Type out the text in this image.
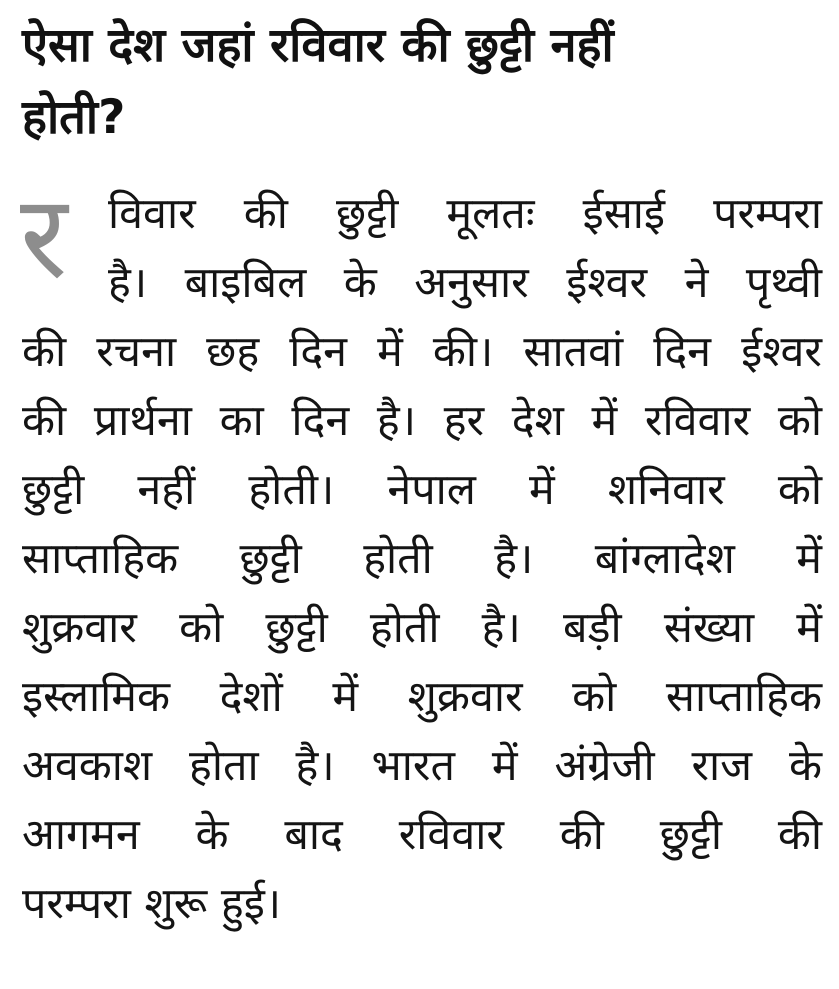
ऐसा देश जहां रविवार की छुट्टी नहीं
होती?
र विवार की छुट्टी मूलतः ईसाई परम्परा
है। बाइबिल के अनुसार ईश्वर ने पृथ्वी
की रचना छह दिन में की। सातवां दिन ईश्वर
की प्रार्थना का दिन है। हर देश में रविवार को
छुट्टी नहीं होती। नेपाल में शनिवार को
साप्ताहिक छुट्टी होती है। बांग्लादेश में
शुक्रवार को छुट्टी होती है। बड़ी संख्या में
इस्लामिक देशों में शुक्रवार को साप्ताहिक
अवकाश होता है। भारत में अंग्रेजी राज के
आगमन के बाद रविवार की छुट्टी की
परम्परा शुरू हुई।
